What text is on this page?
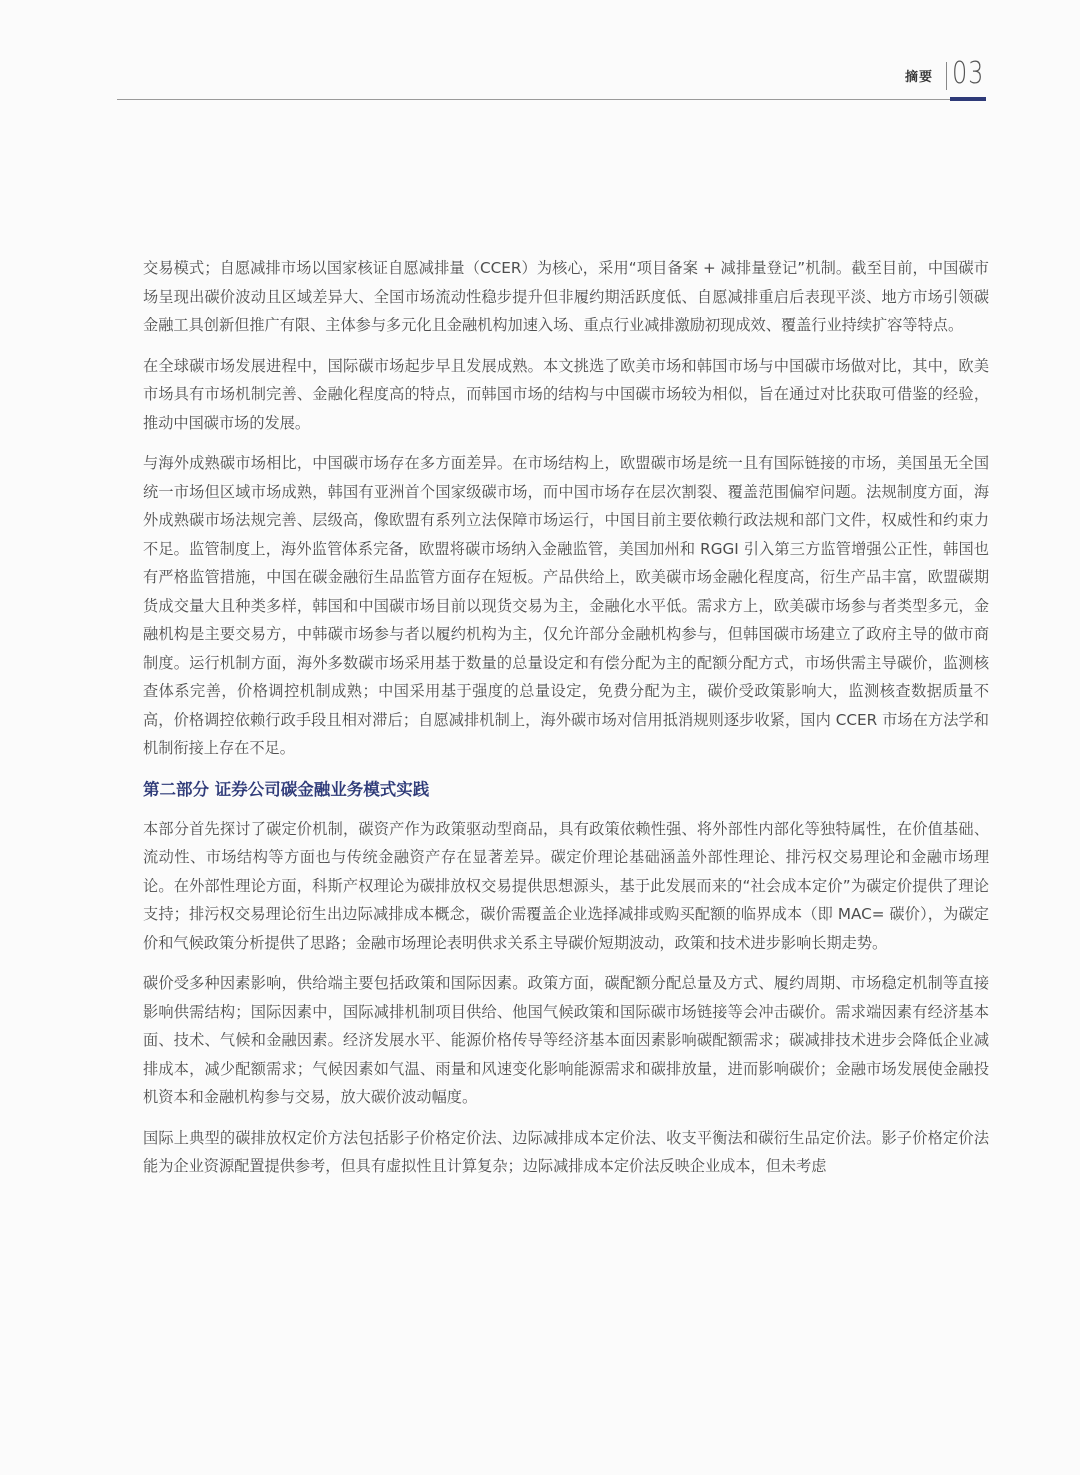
摘要 03

交易模式；自愿减排市场以国家核证自愿减排量（CCER）为核心，采用“项目备案 + 减排量登记”机制。截至目前，中国碳市场呈现出碳价波动且区域差异大、全国市场流动性稳步提升但非履约期活跃度低、自愿减排重启后表现平淡、地方市场引领碳金融工具创新但推广有限、主体参与多元化且金融机构加速入场、重点行业减排激励初现成效、覆盖行业持续扩容等特点。

在全球碳市场发展进程中，国际碳市场起步早且发展成熟。本文挑选了欧美市场和韩国市场与中国碳市场做对比，其中，欧美市场具有市场机制完善、金融化程度高的特点，而韩国市场的结构与中国碳市场较为相似，旨在通过对比获取可借鉴的经验，推动中国碳市场的发展。

与海外成熟碳市场相比，中国碳市场存在多方面差异。在市场结构上，欧盟碳市场是统一且有国际链接的市场，美国虽无全国统一市场但区域市场成熟，韩国有亚洲首个国家级碳市场，而中国市场存在层次割裂、覆盖范围偏窄问题。法规制度方面，海外成熟碳市场法规完善、层级高，像欧盟有系列立法保障市场运行，中国目前主要依赖行政法规和部门文件，权威性和约束力不足。监管制度上，海外监管体系完备，欧盟将碳市场纳入金融监管，美国加州和 RGGI 引入第三方监管增强公正性，韩国也有严格监管措施，中国在碳金融衍生品监管方面存在短板。产品供给上，欧美碳市场金融化程度高，衍生产品丰富，欧盟碳期货成交量大且种类多样，韩国和中国碳市场目前以现货交易为主，金融化水平低。需求方上，欧美碳市场参与者类型多元，金融机构是主要交易方，中韩碳市场参与者以履约机构为主，仅允许部分金融机构参与，但韩国碳市场建立了政府主导的做市商制度。运行机制方面，海外多数碳市场采用基于数量的总量设定和有偿分配为主的配额分配方式，市场供需主导碳价，监测核查体系完善，价格调控机制成熟；中国采用基于强度的总量设定，免费分配为主，碳价受政策影响大，监测核查数据质量不高，价格调控依赖行政手段且相对滞后；自愿减排机制上，海外碳市场对信用抵消规则逐步收紧，国内 CCER 市场在方法学和机制衔接上存在不足。

第二部分 证券公司碳金融业务模式实践

本部分首先探讨了碳定价机制，碳资产作为政策驱动型商品，具有政策依赖性强、将外部性内部化等独特属性，在价值基础、流动性、市场结构等方面也与传统金融资产存在显著差异。碳定价理论基础涵盖外部性理论、排污权交易理论和金融市场理论。在外部性理论方面，科斯产权理论为碳排放权交易提供思想源头，基于此发展而来的“社会成本定价”为碳定价提供了理论支持；排污权交易理论衍生出边际减排成本概念，碳价需覆盖企业选择减排或购买配额的临界成本（即 MAC= 碳价），为碳定价和气候政策分析提供了思路；金融市场理论表明供求关系主导碳价短期波动，政策和技术进步影响长期走势。

碳价受多种因素影响，供给端主要包括政策和国际因素。政策方面，碳配额分配总量及方式、履约周期、市场稳定机制等直接影响供需结构；国际因素中，国际减排机制项目供给、他国气候政策和国际碳市场链接等会冲击碳价。需求端因素有经济基本面、技术、气候和金融因素。经济发展水平、能源价格传导等经济基本面因素影响碳配额需求；碳减排技术进步会降低企业减排成本，减少配额需求；气候因素如气温、雨量和风速变化影响能源需求和碳排放量，进而影响碳价；金融市场发展使金融投机资本和金融机构参与交易，放大碳价波动幅度。

国际上典型的碳排放权定价方法包括影子价格定价法、边际减排成本定价法、收支平衡法和碳衍生品定价法。影子价格定价法能为企业资源配置提供参考，但具有虚拟性且计算复杂；边际减排成本定价法反映企业成本，但未考虑
